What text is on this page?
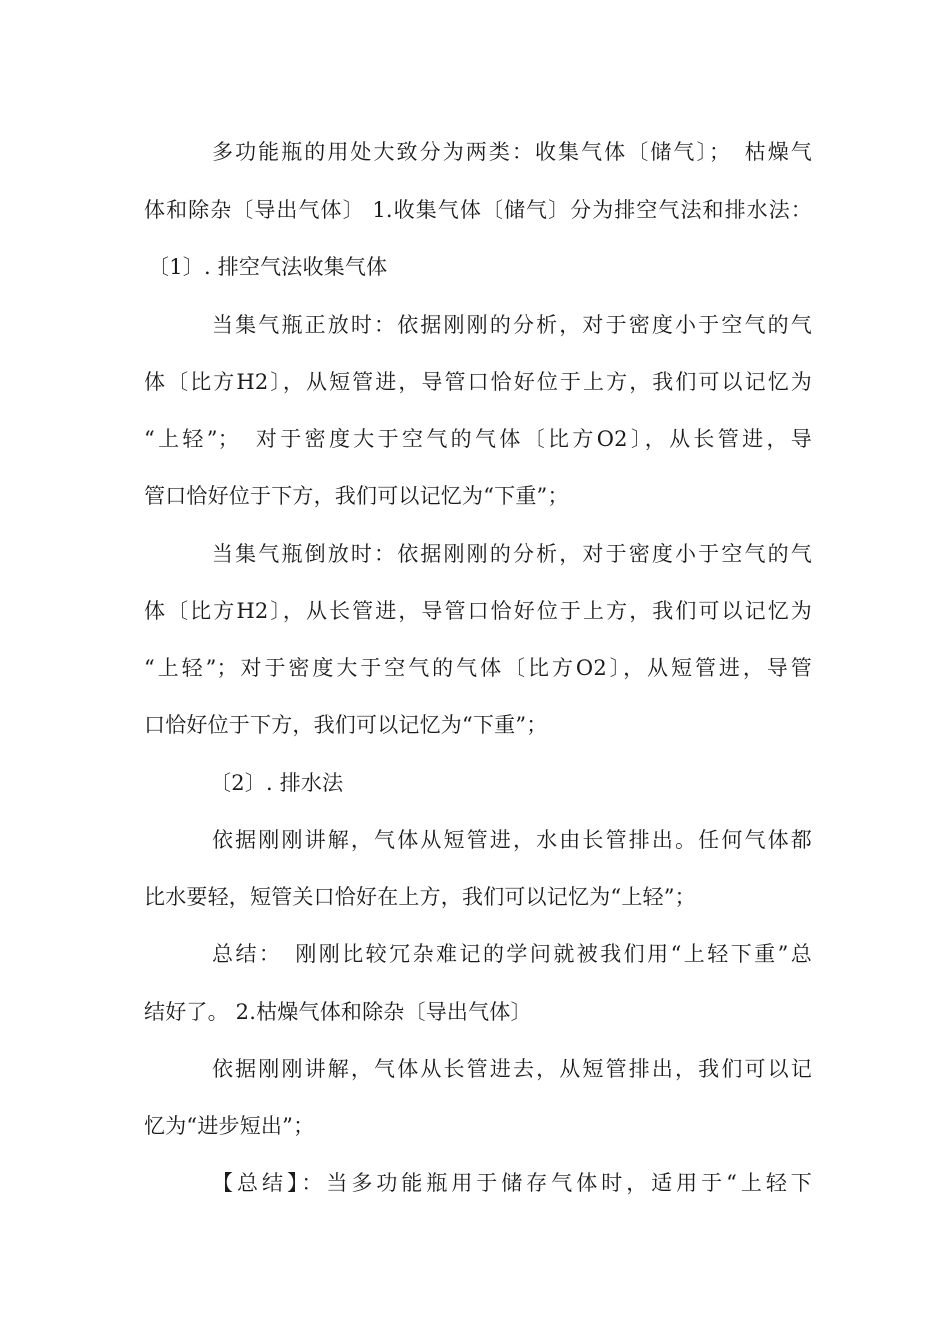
多功能瓶的用处大致分为两类：收集气体〔储气〕；　枯燥气
体和除杂〔导出气体〕 1.收集气体〔储气〕分为排空气法和排水法：
〔1〕. 排空气法收集气体
当集气瓶正放时：依据刚刚的分析，对于密度小于空气的气
体〔比方H2〕，从短管进，导管口恰好位于上方，我们可以记忆为
“上轻”；　对于密度大于空气的气体〔比方O2〕，从长管进，导
管口恰好位于下方，我们可以记忆为“下重”；
当集气瓶倒放时：依据刚刚的分析，对于密度小于空气的气
体〔比方H2〕，从长管进，导管口恰好位于上方，我们可以记忆为
“上轻”；对于密度大于空气的气体〔比方O2〕，从短管进，导管
口恰好位于下方，我们可以记忆为“下重”；
〔2〕. 排水法
依据刚刚讲解，气体从短管进，水由长管排出。任何气体都
比水要轻，短管关口恰好在上方，我们可以记忆为“上轻”；
总结：　刚刚比较冗杂难记的学问就被我们用“上轻下重”总
结好了。 2.枯燥气体和除杂〔导出气体〕
依据刚刚讲解，气体从长管进去，从短管排出，我们可以记
忆为“进步短出”；
【总结】：当多功能瓶用于储存气体时，适用于“上轻下
